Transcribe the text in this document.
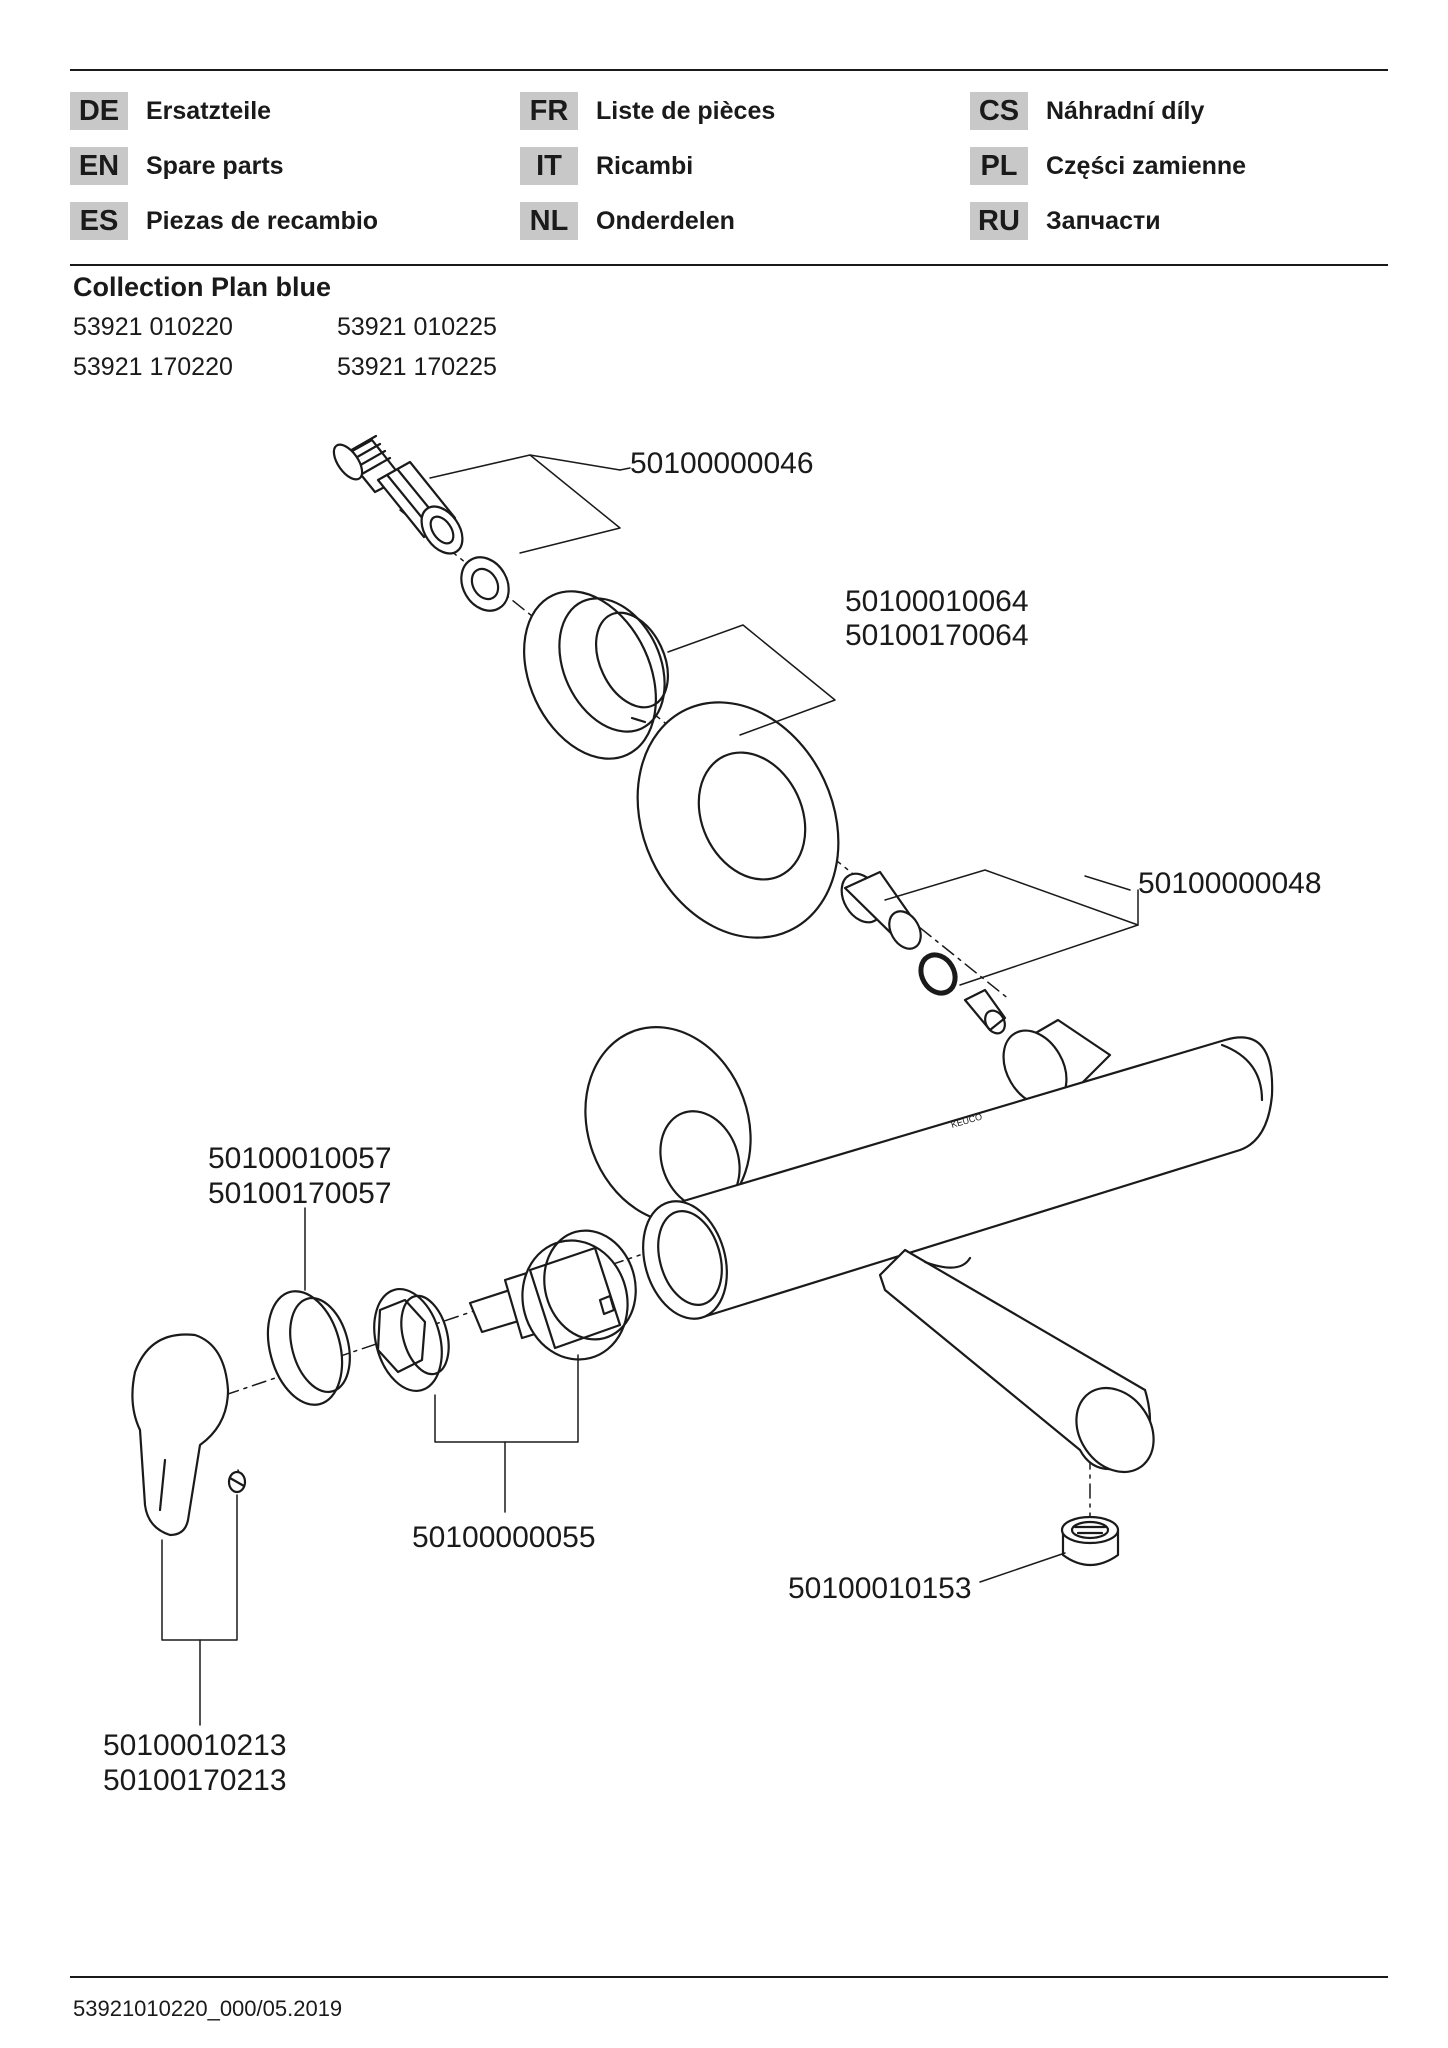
DE	Ersatzteile
EN	Spare parts
ES	Piezas de recambio
FR	Liste de pièces
IT	Ricambi
NL	Onderdelen
CS	Náhradní díly
PL	Części zamienne
RU	Запчасти
Collection Plan blue
53921 010220	53921 010225
53921 170220	53921 170225
KEUCO
50100000046
50100010064
50100170064
50100000048
50100010057
50100170057
50100000055
50100010153
50100010213
50100170213
53921010220_000/05.2019
